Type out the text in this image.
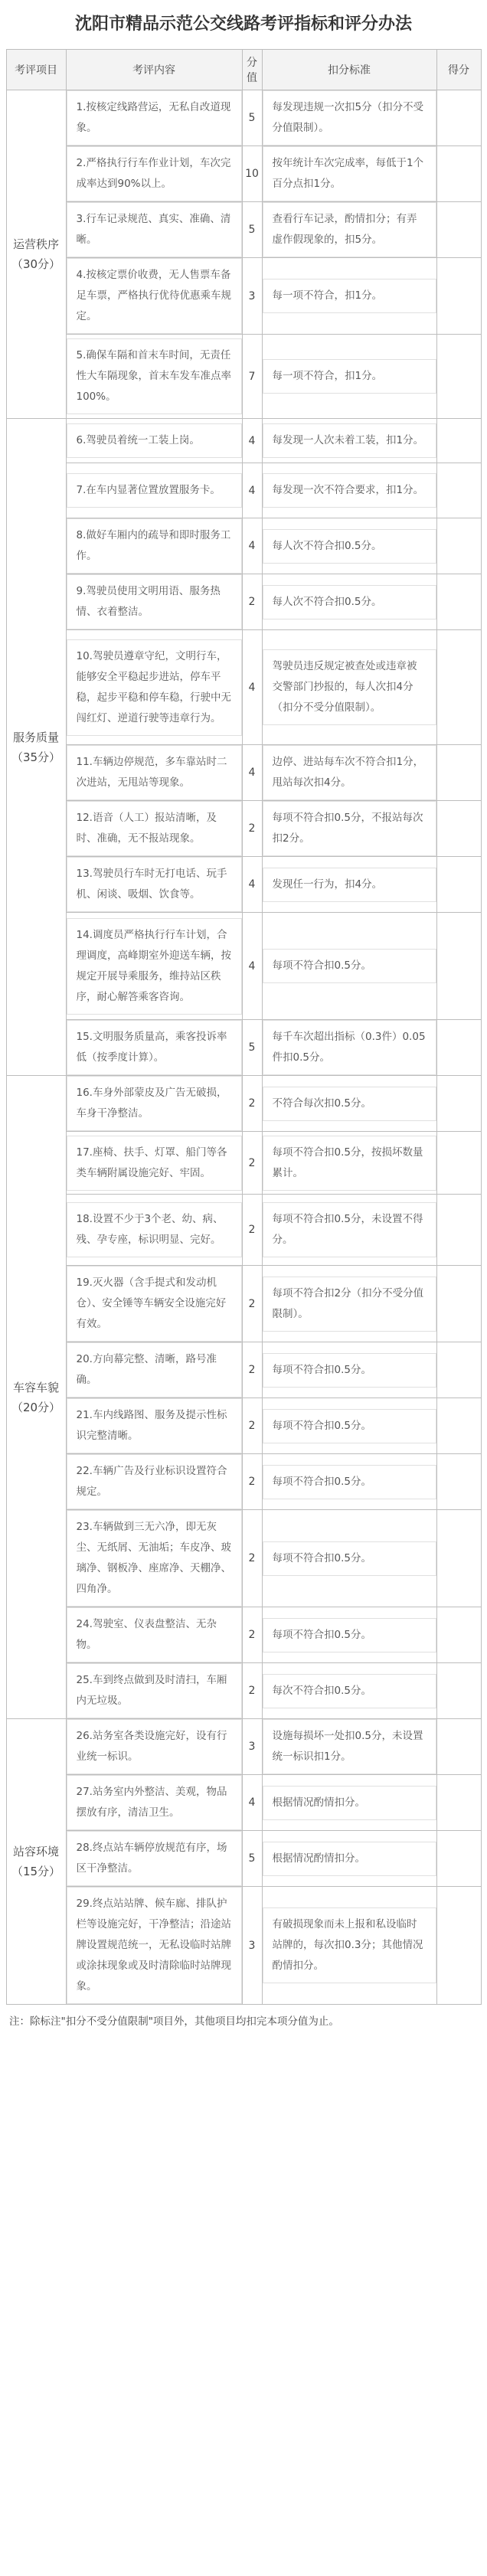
沈阳市精品示范公交线路考评指标和评分办法
考评项目	考评内容	分值	扣分标准	得分

运营秩序
（30分）	1.按核定线路营运，无私自改道现象。	5	每发现违规一次扣5分（扣分不受分值限制）。	

	2.严格执行行车作业计划，车次完成率达到90%以上。	10	按年统计车次完成率，每低于1个百分点扣1分。	

	3.行车记录规范、真实、准确、清晰。	5	查看行车记录，酌情扣分；有弄虚作假现象的，扣5分。	

	4.按核定票价收费，无人售票车备足车票，严格执行优待优惠乘车规定。	3	每一项不符合，扣1分。	

	5.确保车隔和首末车时间，无责任性大车隔现象，首末车发车准点率100%。	7	每一项不符合，扣1分。	

服务质量
（35分）	6.驾驶员着统一工装上岗。	4	每发现一人次未着工装，扣1分。	

	7.在车内显著位置放置服务卡。	4	每发现一次不符合要求，扣1分。	

	8.做好车厢内的疏导和即时服务工作。	4	每人次不符合扣0.5分。	

	9.驾驶员使用文明用语、服务热情、衣着整洁。	2	每人次不符合扣0.5分。	

	10.驾驶员遵章守纪，文明行车，能够安全平稳起步进站，停车平稳，起步平稳和停车稳，行驶中无闯红灯、逆道行驶等违章行为。	4	驾驶员违反规定被查处或违章被交警部门抄报的，每人次扣4分（扣分不受分值限制）。	

	11.车辆边停规范，多车靠站时二次进站，无甩站等现象。	4	边停、进站每车次不符合扣1分，甩站每次扣4分。	

	12.语音（人工）报站清晰，及时、准确，无不报站现象。	2	每项不符合扣0.5分，不报站每次扣2分。	

	13.驾驶员行车时无打电话、玩手机、闲谈、吸烟、饮食等。	4	发现任一行为，扣4分。	

	14.调度员严格执行行车计划，合理调度，高峰期室外迎送车辆，按规定开展导乘服务，维持站区秩序，耐心解答乘客咨询。	4	每项不符合扣0.5分。	

	15.文明服务质量高，乘客投诉率低（按季度计算）。	5	每千车次超出指标（0.3件）0.05件扣0.5分。	

车容车貌
（20分）	16.车身外部蒙皮及广告无破损，车身干净整洁。	2	不符合每次扣0.5分。	

	17.座椅、扶手、灯罩、船门等各类车辆附属设施完好、牢固。	2	每项不符合扣0.5分，按损坏数量累计。	

	18.设置不少于3个老、幼、病、残、孕专座，标识明显、完好。	2	每项不符合扣0.5分，未设置不得分。	

	19.灭火器（含手提式和发动机仓）、安全锤等车辆安全设施完好有效。	2	每项不符合扣2分（扣分不受分值限制）。	

	20.方向幕完整、清晰，路号准确。	2	每项不符合扣0.5分。	

	21.车内线路图、服务及提示性标识完整清晰。	2	每项不符合扣0.5分。	

	22.车辆广告及行业标识设置符合规定。	2	每项不符合扣0.5分。	

	23.车辆做到三无六净，即无灰尘、无纸屑、无油垢；车皮净、玻璃净、钢板净、座席净、天棚净、四角净。	2	每项不符合扣0.5分。	

	24.驾驶室、仪表盘整洁、无杂物。	2	每项不符合扣0.5分。	

	25.车到终点做到及时清扫，车厢内无垃圾。	2	每次不符合扣0.5分。	

站容环境
（15分）	26.站务室各类设施完好，设有行业统一标识。	3	设施每损坏一处扣0.5分，未设置统一标识扣1分。	

	27.站务室内外整洁、美观，物品摆放有序，清洁卫生。	4	根据情况酌情扣分。	

	28.终点站车辆停放规范有序，场区干净整洁。	5	根据情况酌情扣分。	

	29.终点站站牌、候车廊、排队护栏等设施完好，干净整洁；沿途站牌设置规范统一，无私设临时站牌或涂抹现象或及时清除临时站牌现象。	3	有破损现象而未上报和私设临时站牌的，每次扣0.3分；其他情况酌情扣分。	

注：除标注"扣分不受分值限制"项目外，其他项目均扣完本项分值为止。
